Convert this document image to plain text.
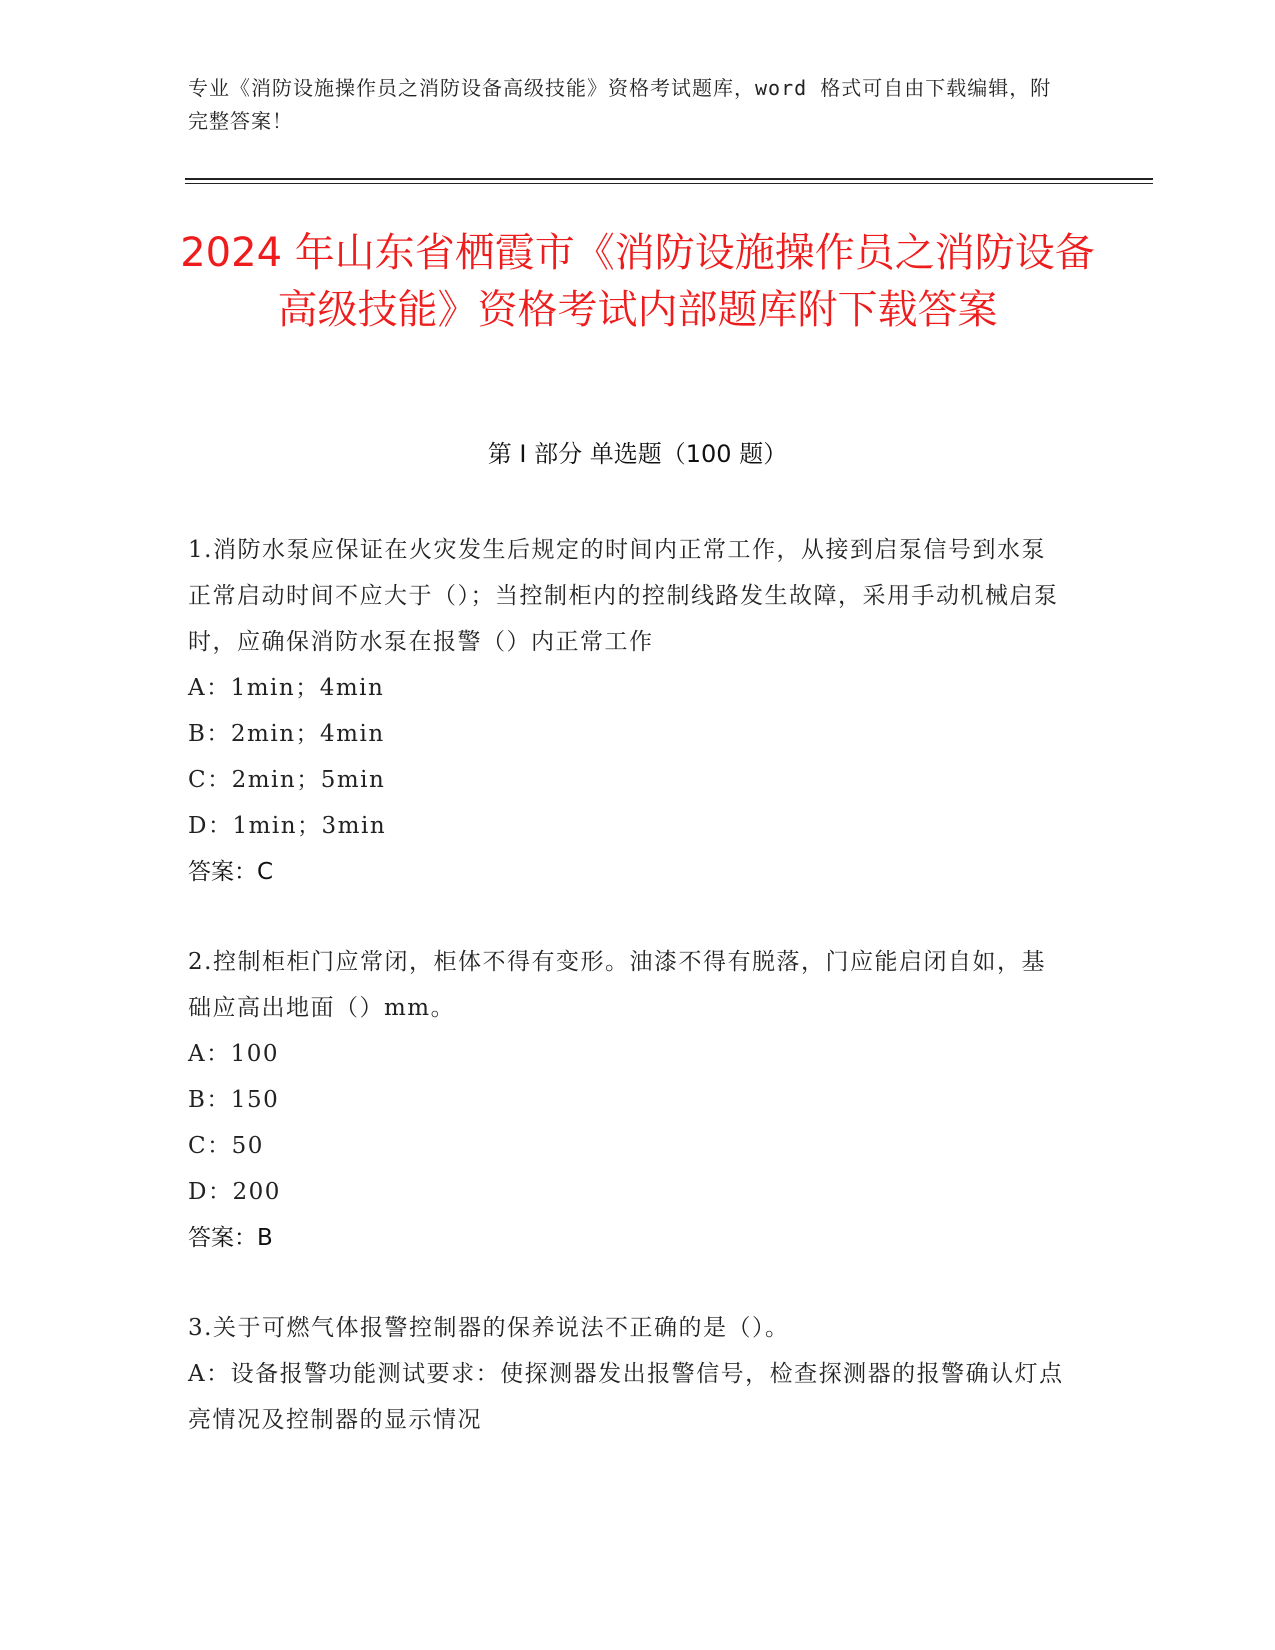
专业《消防设施操作员之消防设备高级技能》资格考试题库，word 格式可自由下载编辑，附完整答案！
2024 年山东省栖霞市《消防设施操作员之消防设备高级技能》资格考试内部题库附下载答案
第 I 部分 单选题（100 题）
1.消防水泵应保证在火灾发生后规定的时间内正常工作，从接到启泵信号到水泵正常启动时间不应大于（）；当控制柜内的控制线路发生故障，采用手动机械启泵时，应确保消防水泵在报警（）内正常工作
A：1min；4min
B：2min；4min
C：2min；5min
D：1min；3min
答案：C
2.控制柜柜门应常闭，柜体不得有变形。油漆不得有脱落，门应能启闭自如，基础应高出地面（）mm。
A：100
B：150
C：50
D：200
答案：B
3.关于可燃气体报警控制器的保养说法不正确的是（）。
A：设备报警功能测试要求：使探测器发出报警信号，检查探测器的报警确认灯点亮情况及控制器的显示情况
